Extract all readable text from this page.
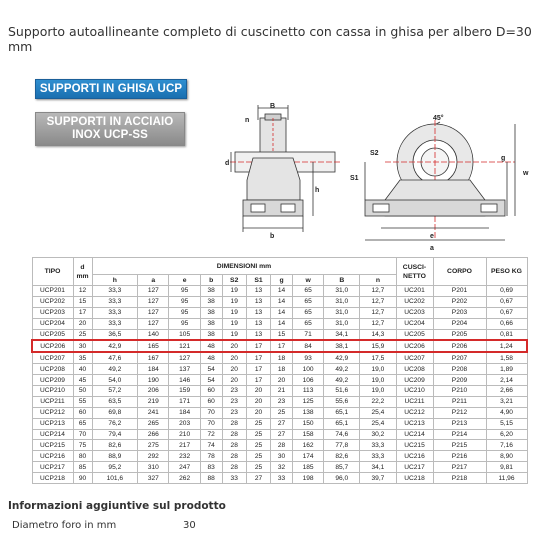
Supporto autoallineante completo di cuscinetto con cassa in ghisa per albero D=30 mm
SUPPORTI IN GHISA UCP
SUPPORTI IN ACCIAIO
INOX UCP-SS
B
n
d
h
b
45°
S2
S1
g
w
e
a
TIPO	d
mm	DIMENSIONI mm										CUSCI-NETTO	CORPO	PESO KG
		h	a	e	b	S2	S1	g	w	B	n			
UCP201	12	33,3	127	95	38	19	13	14	65	31,0	12,7	UC201	P201	0,69
UCP202	15	33,3	127	95	38	19	13	14	65	31,0	12,7	UC202	P202	0,67
UCP203	17	33,3	127	95	38	19	13	14	65	31,0	12,7	UC203	P203	0,67
UCP204	20	33,3	127	95	38	19	13	14	65	31,0	12,7	UC204	P204	0,66
UCP205	25	36,5	140	105	38	19	13	15	71	34,1	14,3	UC205	P205	0,81
UCP206	30	42,9	165	121	48	20	17	17	84	38,1	15,9	UC206	P206	1,24
UCP207	35	47,6	167	127	48	20	17	18	93	42,9	17,5	UC207	P207	1,58
UCP208	40	49,2	184	137	54	20	17	18	100	49,2	19,0	UC208	P208	1,89
UCP209	45	54,0	190	146	54	20	17	20	106	49,2	19,0	UC209	P209	2,14
UCP210	50	57,2	206	159	60	23	20	21	113	51,6	19,0	UC210	P210	2,66
UCP211	55	63,5	219	171	60	23	20	23	125	55,6	22,2	UC211	P211	3,21
UCP212	60	69,8	241	184	70	23	20	25	138	65,1	25,4	UC212	P212	4,90
UCP213	65	76,2	265	203	70	28	25	27	150	65,1	25,4	UC213	P213	5,15
UCP214	70	79,4	266	210	72	28	25	27	158	74,6	30,2	UC214	P214	6,20
UCP215	75	82,6	275	217	74	28	25	28	162	77,8	33,3	UC215	P215	7,16
UCP216	80	88,9	292	232	78	28	25	30	174	82,6	33,3	UC216	P216	8,90
UCP217	85	95,2	310	247	83	28	25	32	185	85,7	34,1	UC217	P217	9,81
UCP218	90	101,6	327	262	88	33	27	33	198	96,0	39,7	UC218	P218	11,96
Informazioni aggiuntive sul prodotto
Diametro foro in mm	30
